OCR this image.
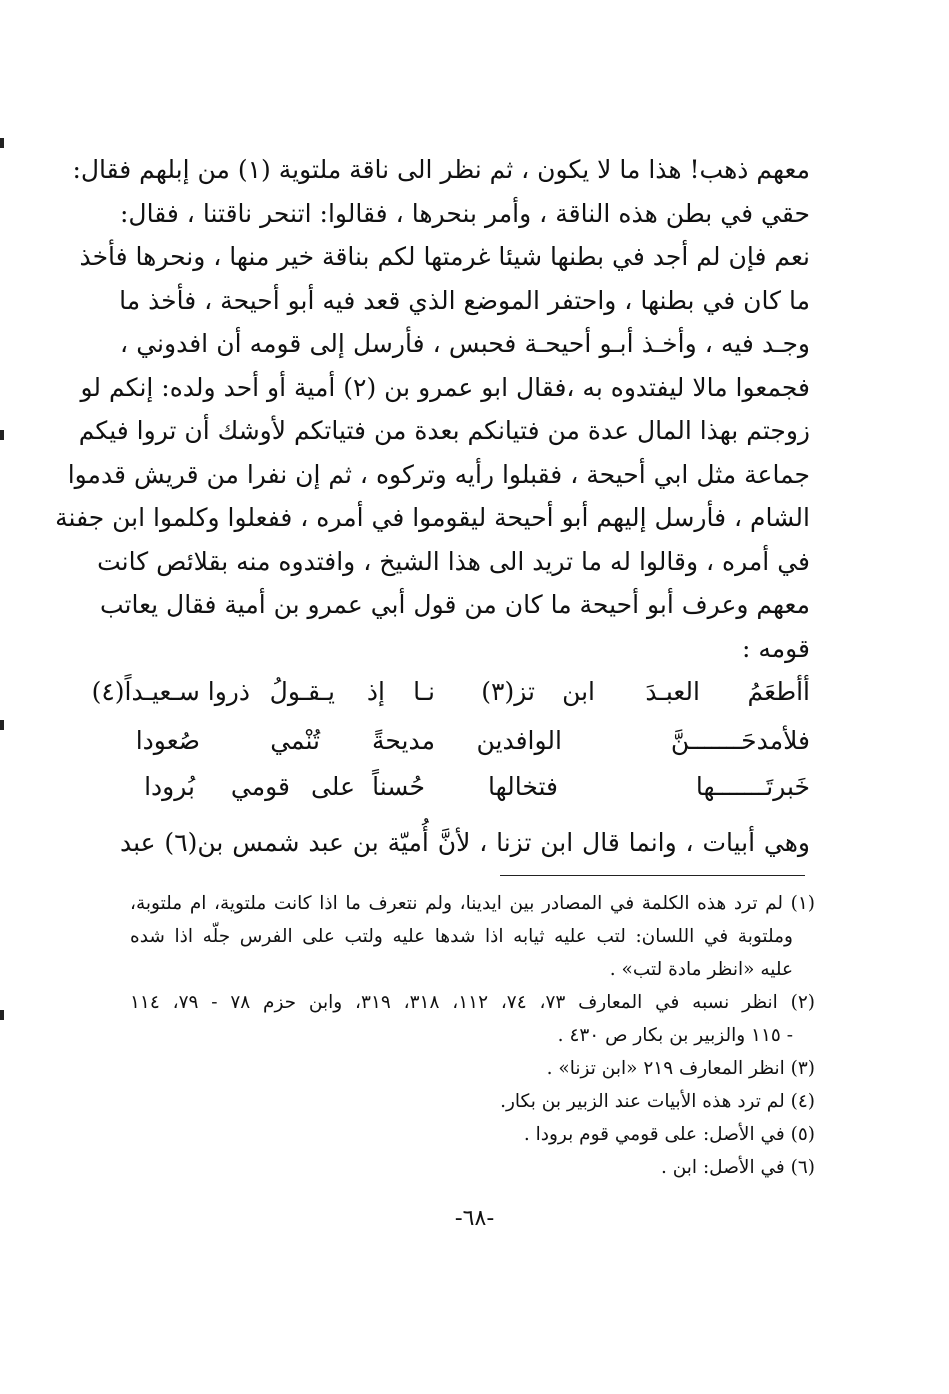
معهم ذهب! هذا ما لا يكون ، ثم نظر الى ناقة ملتوية (١) من إبلهم فقال:
حقي في بطن هذه الناقة ، وأمر بنحرها ، فقالوا: اتنحر ناقتنا ، فقال:
نعم فإن لم أجد في بطنها شيئا غرمتها لكم بناقة خير منها ، ونحرها فأخذ
ما كان في بطنها ، واحتفر الموضع الذي قعد فيه أبو أحيحة ، فأخذ ما
وجـد فيه ، وأخـذ أبـو أحيحـة فحبس ، فأرسل إلى قومه أن افدوني ،
فجمعوا مالا ليفتدوه به ،فقال ابو عمرو بن (٢) أمية أو أحد ولده: إنكم لو
زوجتم بهذا المال عدة من فتيانكم بعدة من فتياتكم لأوشك أن تروا فيكم
جماعة مثل ابي أحيحة ، فقبلوا رأيه وتركوه ، ثم إن نفرا من قريش قدموا
الشام ، فأرسل إليهم أبو أحيحة ليقوموا في أمره ، ففعلوا وكلموا ابن جفنة
في أمره ، وقالوا له ما تريد الى هذا الشيخ ، وافتدوه منه بقلائص كانت
معهم وعرف أبو أحيحة ما كان من قول أبي عمرو بن أمية فقال يعاتب
قومه :
أأطعَمُ
العبـدَ
ابن
تز(٣)
نـا
إذ
يـقـولُ
ذروا سـعيـداً(٤)
فلأمدحَـــــــنَّ
الوافدين
مديحةً
تُنْمي
صُعودا
خَبرتَـــــــها
فتخالها
حُسناً
على
قومي
بُرودا
وهي أبيات ، وانما قال ابن تزنا ، لأنَّ أُميّة بن عبد شمس بن(٦) عبد
(١) لم ترد هذه الكلمة في المصادر بين ايدينا، ولم نتعرف ما اذا كانت ملتوية، ام ملتوبة،
وملتوبة في اللسان: لتب عليه ثيابه اذا شدها عليه ولتب على الفرس جلّه اذا شده
عليه «انظر مادة لتب» .
(٢) انظر نسبه في المعارف ٧٣، ٧٤، ١١٢، ٣١٨، ٣١٩، وابن حزم ٧٨ - ٧٩، ١١٤
- ١١٥ والزبير بن بكار ص ٤٣٠ .
(٣) انظر المعارف ٢١٩ «ابن تزنا» .
(٤) لم ترد هذه الأبيات عند الزبير بن بكار.
(٥) في الأصل: على قومي قوم برودا .
(٦) في الأصل: ابن .
-٦٨-
